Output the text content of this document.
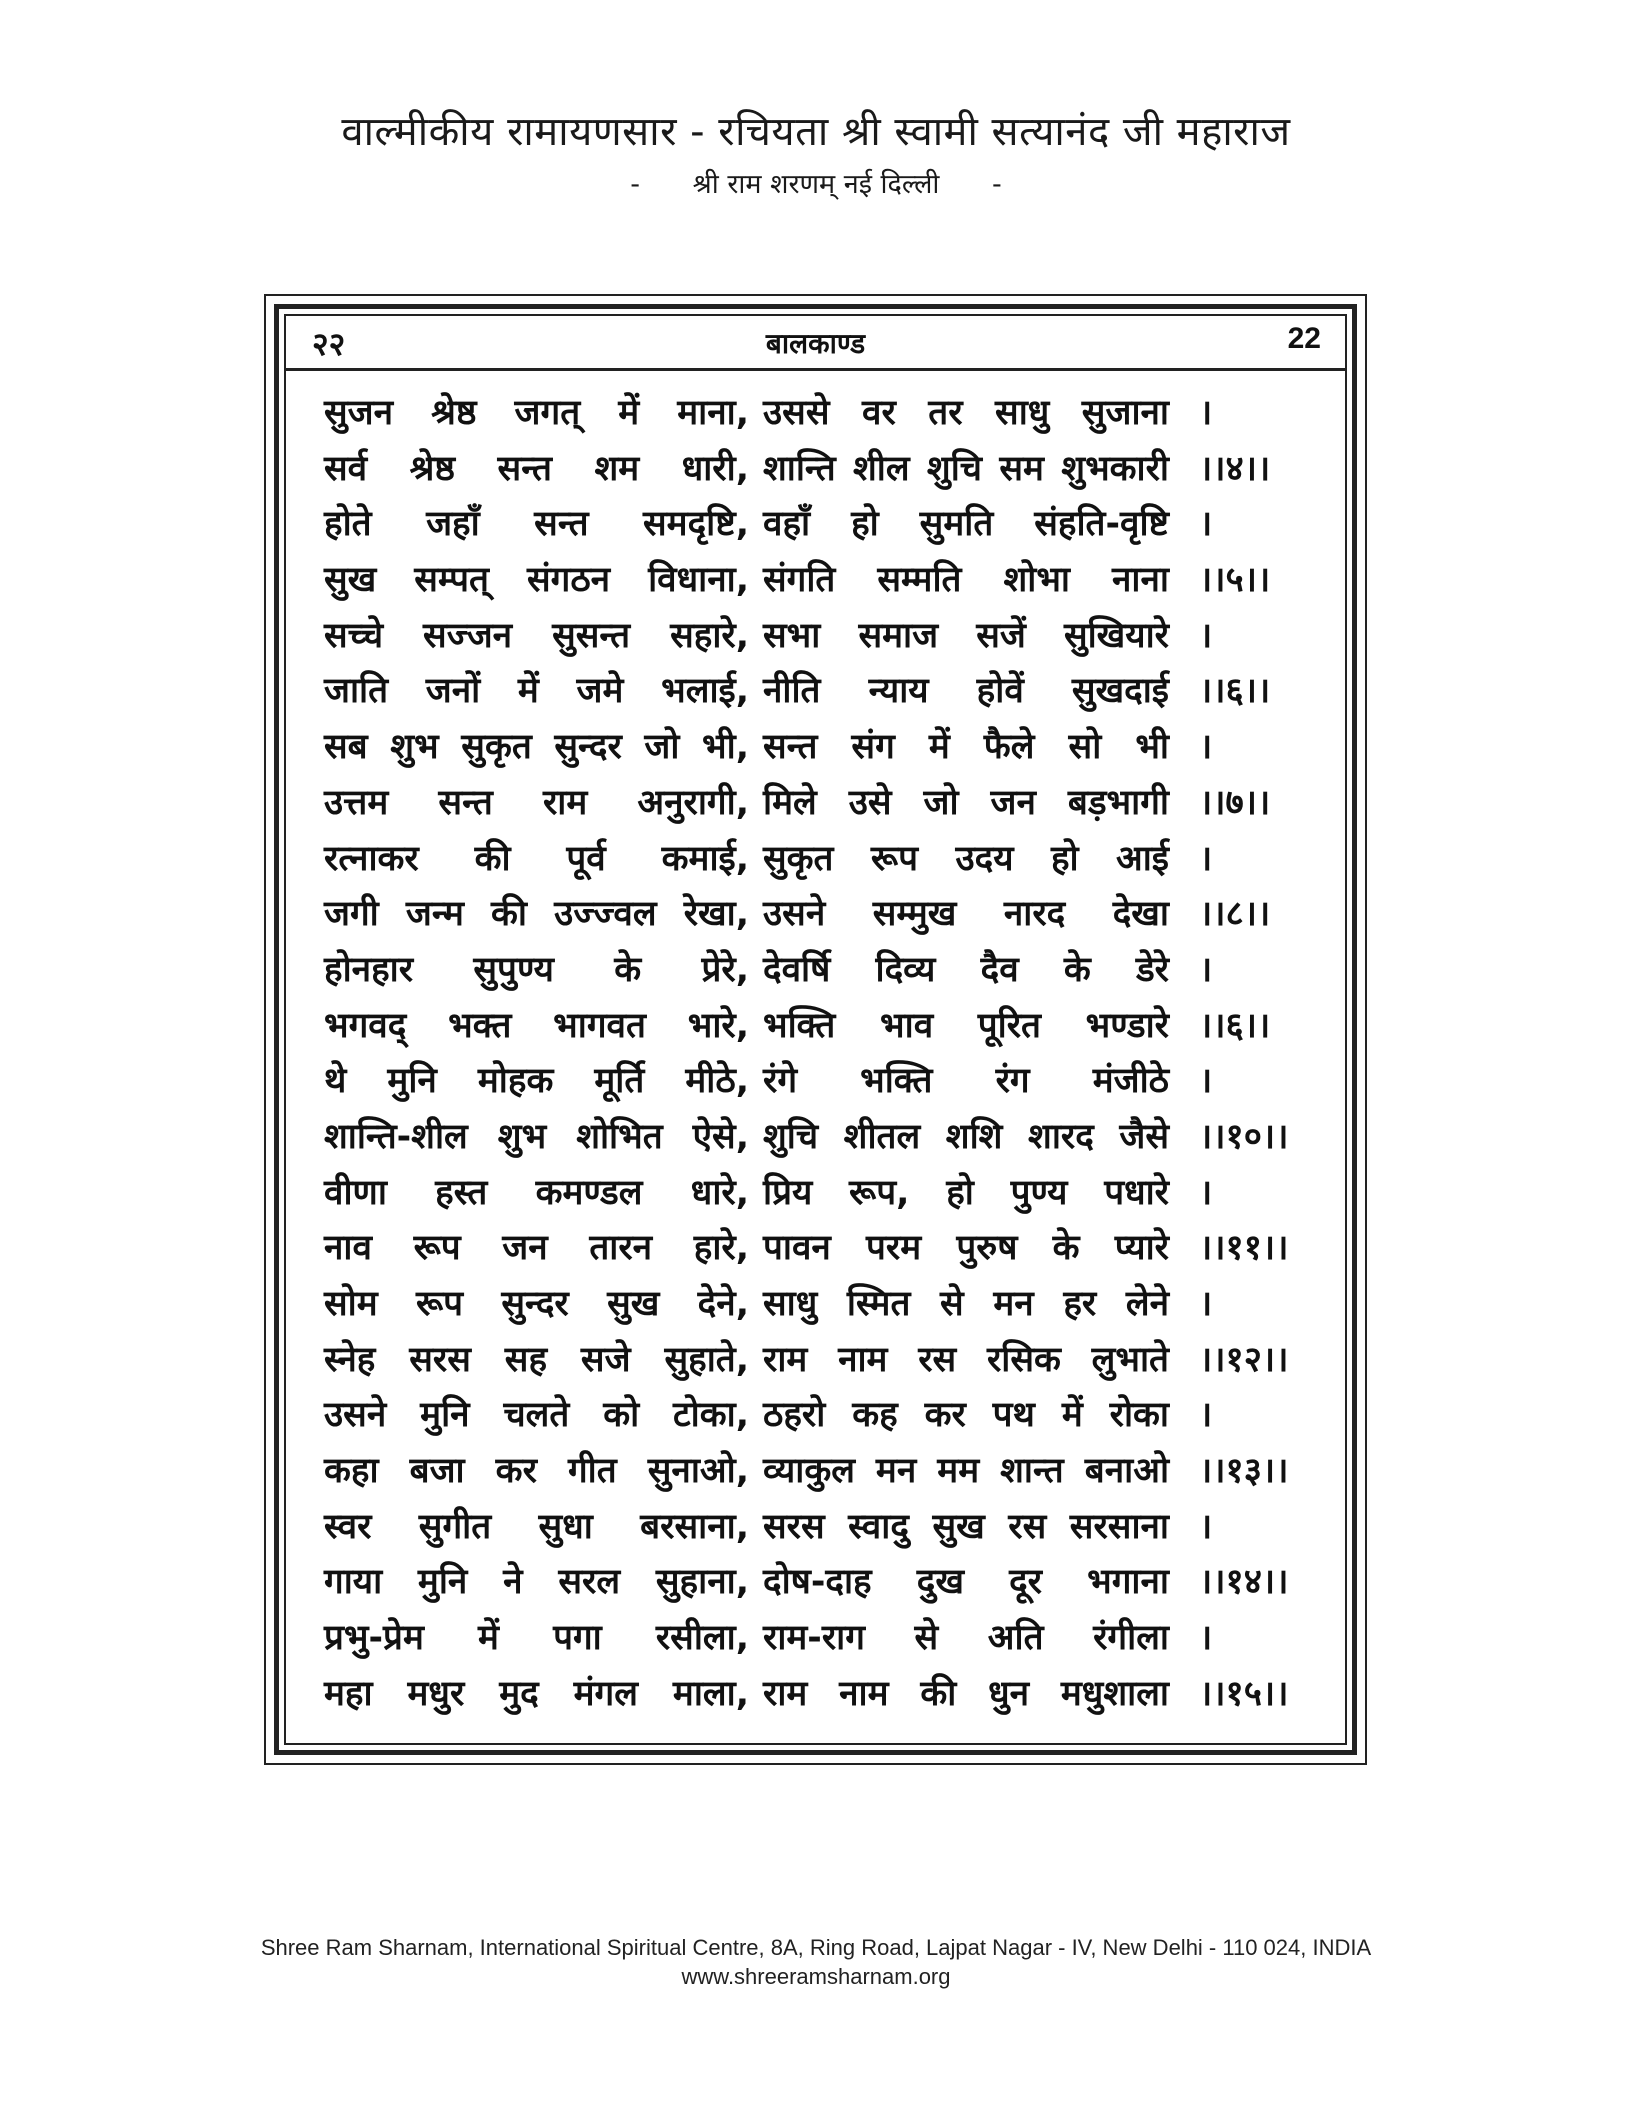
वाल्मीकीय रामायणसार - रचियता श्री स्वामी सत्यानंद जी महाराज
- श्री राम शरणम् नई दिल्ली -
२२	बालकाण्ड	22
सुजन श्रेष्ठ जगत् में माना, उससे वर तर साधु सुजाना ।
सर्व श्रेष्ठ सन्त शम धारी, शान्ति शील शुचि सम शुभकारी ।।४।।
होते जहाँ सन्त समदृष्टि, वहाँ हो सुमति संहति-वृष्टि ।
सुख सम्पत् संगठन विधाना, संगति सम्मति शोभा नाना ।।५।।
सच्चे सज्जन सुसन्त सहारे, सभा समाज सजें सुखियारे ।
जाति जनों में जमे भलाई, नीति न्याय होवें सुखदाई ।।६।।
सब शुभ सुकृत सुन्दर जो भी, सन्त संग में फैले सो भी ।
उत्तम सन्त राम अनुरागी, मिले उसे जो जन बड़भागी ।।७।।
रत्नाकर की पूर्व कमाई, सुकृत रूप उदय हो आई ।
जगी जन्म की उज्ज्वल रेखा, उसने सम्मुख नारद देखा ।।८।।
होनहार सुपुण्य के प्रेरे, देवर्षि दिव्य दैव के डेरे ।
भगवद् भक्त भागवत भारे, भक्ति भाव पूरित भण्डारे ।।६।।
थे मुनि मोहक मूर्ति मीठे, रंगे भक्ति रंग मंजीठे ।
शान्ति-शील शुभ शोभित ऐसे, शुचि शीतल शशि शारद जैसे ।।१०।।
वीणा हस्त कमण्डल धारे, प्रिय रूप, हो पुण्य पधारे ।
नाव रूप जन तारन हारे, पावन परम पुरुष के प्यारे ।।११।।
सोम रूप सुन्दर सुख देने, साधु स्मित से मन हर लेने ।
स्नेह सरस सह सजे सुहाते, राम नाम रस रसिक लुभाते ।।१२।।
उसने मुनि चलते को टोका, ठहरो कह कर पथ में रोका ।
कहा बजा कर गीत सुनाओ, व्याकुल मन मम शान्त बनाओ ।।१३।।
स्वर सुगीत सुधा बरसाना, सरस स्वादु सुख रस सरसाना ।
गाया मुनि ने सरल सुहाना, दोष-दाह दुख दूर भगाना ।।१४।।
प्रभु-प्रेम में पगा रसीला, राम-राग से अति रंगीला ।
महा मधुर मुद मंगल माला, राम नाम की धुन मधुशाला ।।१५।।
Shree Ram Sharnam, International Spiritual Centre, 8A, Ring Road, Lajpat Nagar - IV, New Delhi - 110 024, INDIA
www.shreeramsharnam.org
